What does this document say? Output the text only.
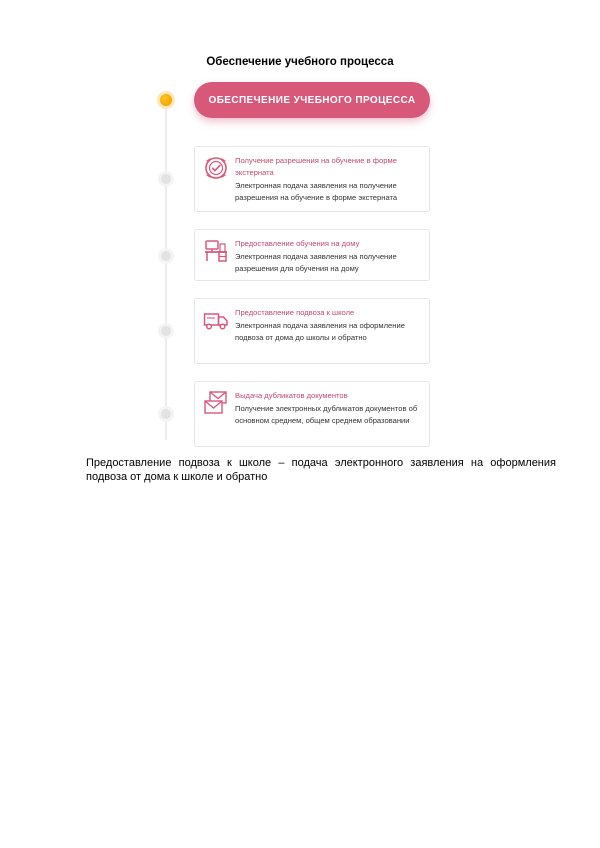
Обеспечение учебного процесса
ОБЕСПЕЧЕНИЕ УЧЕБНОГО ПРОЦЕССА
Получение разрешения на обучение в форме экстерната
Электронная подача заявления на получение разрешения на обучение в форме экстерната
Предоставление обучения на дому
Электронная подача заявления на получение разрешения для обучения на дому
Предоставление подвоза к школе
Электронная подача заявления на оформление подвоза от дома до школы и обратно
Выдача дубликатов документов
Получение электронных дубликатов документов об основном среднем, общем среднем образовании
Предоставление подвоза к школе – подача электронного заявления на оформления подвоза от дома к школе и обратно
